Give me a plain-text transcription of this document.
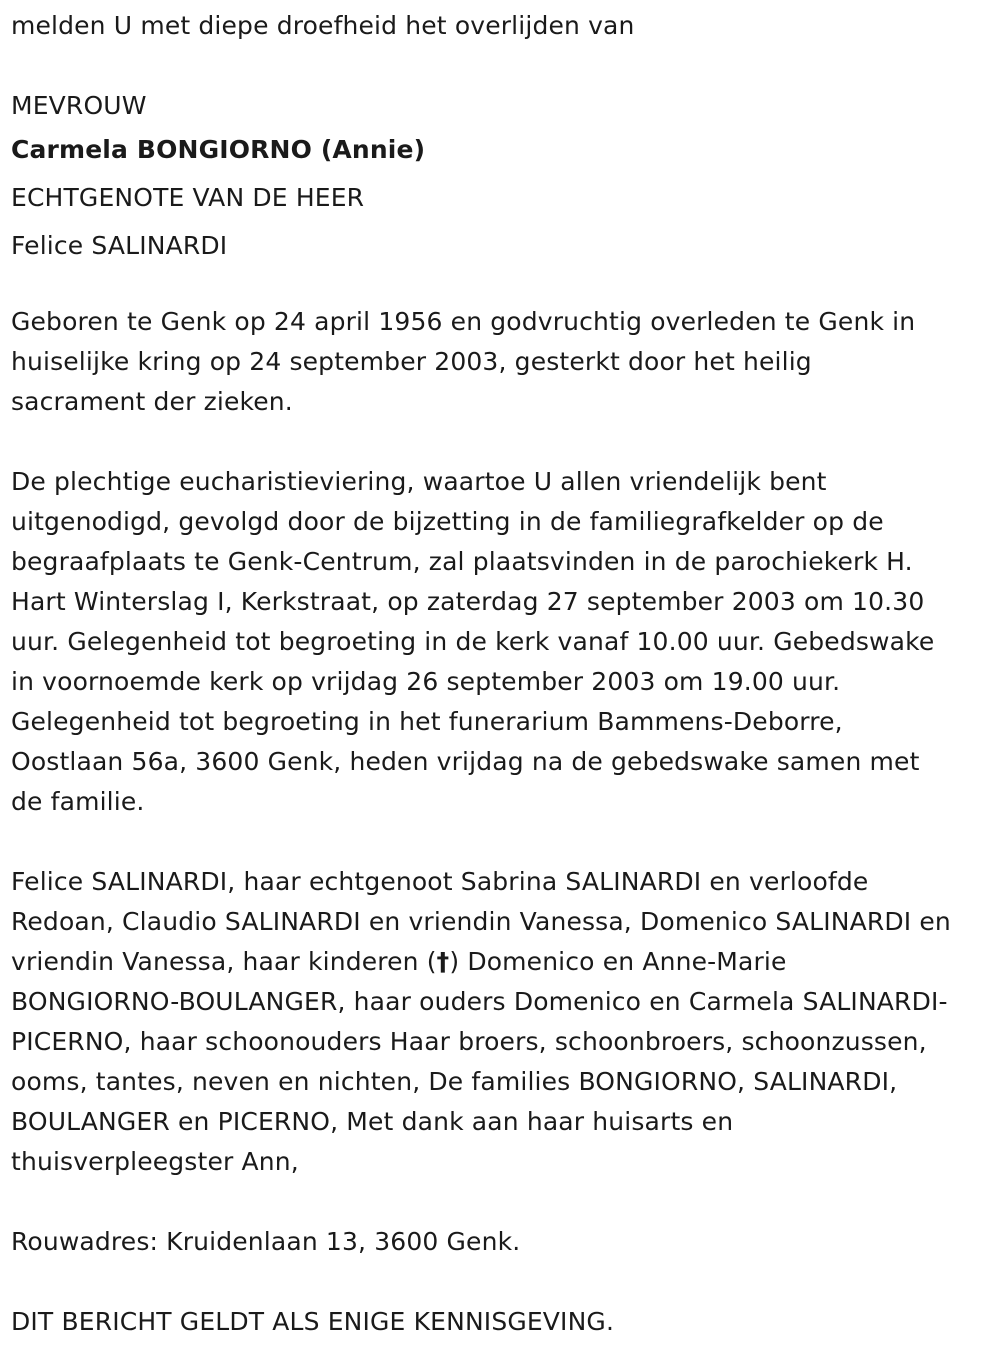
melden U met diepe droefheid het overlijden van
MEVROUW
Carmela BONGIORNO (Annie)
ECHTGENOTE VAN DE HEER
Felice SALINARDI
Geboren te Genk op 24 april 1956 en godvruchtig overleden te Genk in
huiselijke kring op 24 september 2003, gesterkt door het heilig
sacrament der zieken.
De plechtige eucharistieviering, waartoe U allen vriendelijk bent
uitgenodigd, gevolgd door de bijzetting in de familiegrafkelder op de
begraafplaats te Genk-Centrum, zal plaatsvinden in de parochiekerk H.
Hart Winterslag I, Kerkstraat, op zaterdag 27 september 2003 om 10.30
uur. Gelegenheid tot begroeting in de kerk vanaf 10.00 uur. Gebedswake
in voornoemde kerk op vrijdag 26 september 2003 om 19.00 uur.
Gelegenheid tot begroeting in het funerarium Bammens-Deborre,
Oostlaan 56a, 3600 Genk, heden vrijdag na de gebedswake samen met
de familie.
Felice SALINARDI, haar echtgenoot Sabrina SALINARDI en verloofde
Redoan, Claudio SALINARDI en vriendin Vanessa, Domenico SALINARDI en
vriendin Vanessa, haar kinderen (†) Domenico en Anne-Marie
BONGIORNO-BOULANGER, haar ouders Domenico en Carmela SALINARDI-
PICERNO, haar schoonouders Haar broers, schoonbroers, schoonzussen,
ooms, tantes, neven en nichten, De families BONGIORNO, SALINARDI,
BOULANGER en PICERNO, Met dank aan haar huisarts en
thuisverpleegster Ann,
Rouwadres: Kruidenlaan 13, 3600 Genk.
DIT BERICHT GELDT ALS ENIGE KENNISGEVING.
